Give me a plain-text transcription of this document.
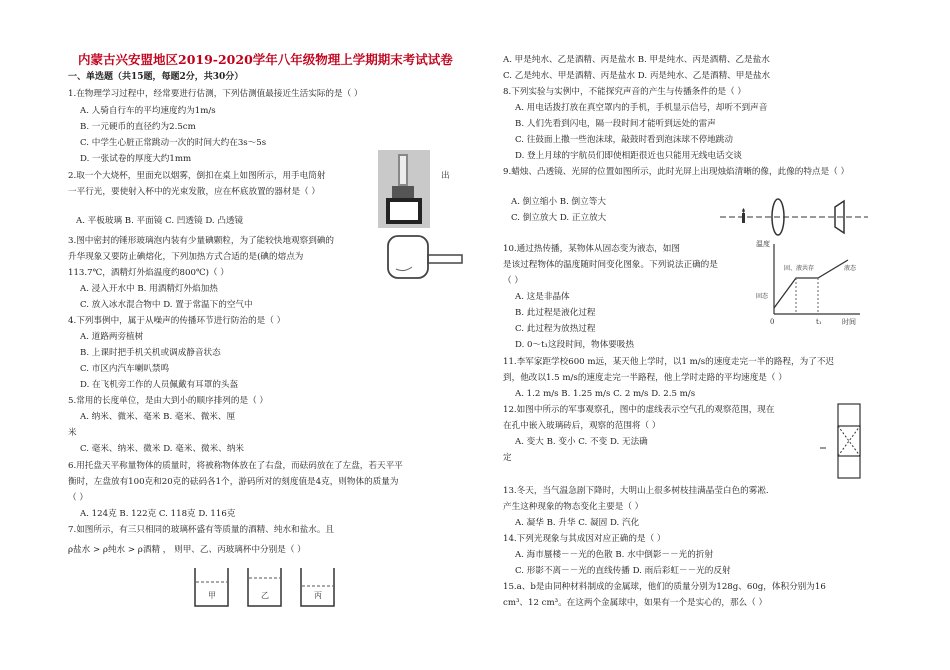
内蒙古兴安盟地区2019-2020学年八年级物理上学期期末考试试卷
一、单选题（共15题，每题2分，共30分）
1.在物理学习过程中，经常要进行估测，下列估测值最接近生活实际的是（ ）
A. 人骑自行车的平均速度约为1m/s
B. 一元硬币的直径约为2.5cm
C. 中学生心脏正常跳动一次的时间大约在3s～5s
D. 一张试卷的厚度大约1mm
2.取一个大烧杯，里面充以烟雾，倒扣在桌上如图所示，用手电筒射
一平行光，要使射入杯中的光束发散，应在杯底放置的器材是（ ）
A. 平板玻璃 B. 平面镜 C. 凹透镜 D. 凸透镜
3.图中密封的锤形玻璃泡内装有少量碘颗粒，为了能较快地观察到碘的
升华现象又要防止碘熔化，下列加热方式合适的是(碘的熔点为
113.7℃，酒精灯外焰温度约800℃)（ ）
A. 浸入开水中 B. 用酒精灯外焰加热
C. 放入冰水混合物中 D. 置于常温下的空气中
4.下列事例中，属于从噪声的传播环节进行防治的是（ ）
A. 道路两旁植树
B. 上课时把手机关机或调成静音状态
C. 市区内汽车喇叭禁鸣
D. 在飞机旁工作的人员佩戴有耳罩的头盔
5.常用的长度单位，是由大到小的顺序排列的是（ ）
A. 纳米、微米、毫米 B. 毫米、微米、厘
米
C. 毫米、纳米、微米 D. 毫米、微米、纳米
6.用托盘天平称量物体的质量时，将被称物体放在了右盘，而砝码放在了左盘，若天平平
衡时，左盘放有100克和20克的砝码各1个，游码所对的刻度值是4克，则物体的质量为
（ ）
A. 124克 B. 122克 C. 118克 D. 116克
7.如图所示，有三只相同的玻璃杯盛有等质量的酒精、纯水和盐水。且
ρ盐水 > ρ纯水 > ρ酒精 ， 则甲、乙、丙玻璃杯中分别是（ ）
A. 甲是纯水、乙是酒精、丙是盐水 B. 甲是纯水、丙是酒精、乙是盐水
C. 乙是纯水、甲是酒精、丙是盐水 D. 丙是纯水、乙是酒精、甲是盐水
8.下列实验与实例中，不能探究声音的产生与传播条件的是（ ）
A. 用电话拨打放在真空罩内的手机，手机显示信号，却听不到声音
B. 人们先看到闪电，隔一段时间才能听到远处的雷声
C. 往鼓面上撒一些泡沫球，敲鼓时看到泡沫球不停地跳动
D. 登上月球的宇航员们即使相距很近也只能用无线电话交谈
9.蜡烛、凸透镜、光屏的位置如图所示，此时光屏上出现烛焰清晰的像，此像的特点是（ ）
A. 倒立缩小 B. 倒立等大
C. 倒立放大 D. 正立放大
10.通过热传播，某物体从固态变为液态，如图
是该过程物体的温度随时间变化图象。下列说法正确的是
（ ）
A. 这是非晶体
B. 此过程是液化过程
C. 此过程为放热过程
D. 0～t₁这段时间，物体要吸热
11.李军家距学校600 m远，某天他上学时，以1 m/s的速度走完一半的路程，为了不迟
到，他改以1.5 m/s的速度走完一半路程，他上学时走路的平均速度是（ ）
A. 1.2 m/s B. 1.25 m/s C. 2 m/s D. 2.5 m/s
12.如图中所示的军事观察孔，图中的虚线表示空气孔的观察范围，现在
在孔中嵌入玻璃砖后，观察的范围将（ ）
A. 变大 B. 变小 C. 不变 D. 无法确
定
13.冬天，当气温急剧下降时，大明山上很多树枝挂满晶莹白色的雾凇.
产生这种现象的物态变化主要是（ ）
A. 凝华 B. 升华 C. 凝固 D. 汽化
14.下列光现象与其成因对应正确的是（ ）
A. 海市蜃楼－－光的色散 B. 水中倒影－－光的折射
C. 形影不离－－光的直线传播 D. 雨后彩虹－－光的反射
15.a、b是由同种材料制成的金属球，他们的质量分别为128g、60g，体积分别为16
cm³、12 cm³。在这两个金属球中，如果有一个是实心的，那么（ ）
出
甲	乙	丙
温度
时间
固态
固、液共存	液态
0	t₁
